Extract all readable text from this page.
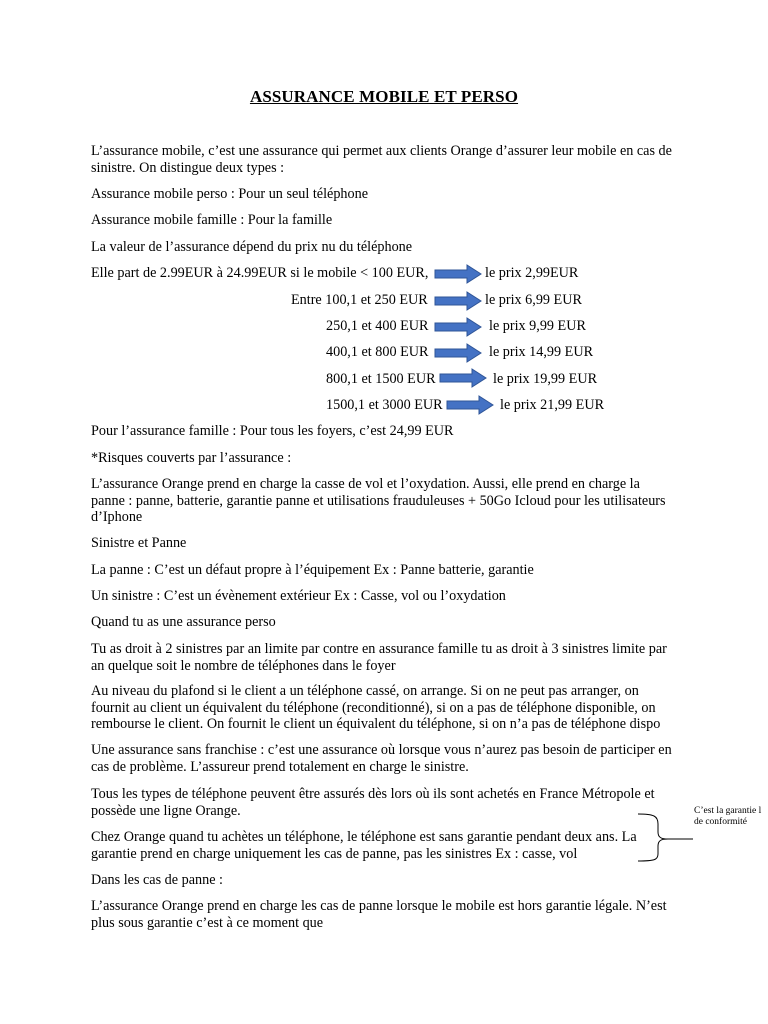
ASSURANCE MOBILE ET PERSO
L’assurance mobile, c’est une assurance qui permet aux clients Orange d’assurer leur mobile en cas de sinistre. On distingue deux types :
Assurance mobile perso : Pour un seul téléphone
Assurance mobile famille : Pour la famille
La valeur de l’assurance dépend du prix nu du téléphone
Elle part de 2.99EUR à 24.99EUR si le mobile < 100 EUR,	le prix 2,99EUR
Entre 100,1 et 250 EUR	le prix 6,99 EUR
250,1 et 400 EUR	le prix 9,99 EUR
400,1 et 800 EUR	le prix 14,99 EUR
800,1 et 1500 EUR	le prix 19,99 EUR
1500,1 et 3000 EUR	le prix 21,99 EUR
Pour l’assurance famille : Pour tous les foyers, c’est 24,99 EUR
*Risques couverts par l’assurance :
L’assurance Orange prend en charge la casse de vol et l’oxydation. Aussi, elle prend en charge la panne : panne, batterie, garantie panne et utilisations frauduleuses + 50Go Icloud pour les utilisateurs d’Iphone
Sinistre et Panne
La panne : C’est un défaut propre à l’équipement Ex : Panne batterie, garantie
Un sinistre : C’est un évènement extérieur Ex : Casse, vol ou l’oxydation
Quand tu as une assurance perso
Tu as droit à 2 sinistres par an limite par contre en assurance famille tu as droit à 3 sinistres limite par an quelque soit le nombre de téléphones dans le foyer
Au niveau du plafond si le client a un téléphone cassé, on arrange. Si on ne peut pas arranger, on fournit au client un équivalent du téléphone (reconditionné), si on a pas de téléphone disponible, on rembourse le client. On fournit le client un équivalent du téléphone, si on n’a pas de téléphone dispo
Une assurance sans franchise : c’est une assurance où lorsque vous n’aurez pas besoin de participer en cas de problème. L’assureur prend totalement en charge le sinistre.
Tous les types de téléphone peuvent être assurés dès lors où ils sont achetés en France Métropole et possède une ligne Orange.
Chez Orange quand tu achètes un téléphone, le téléphone est sans garantie pendant deux ans. La garantie prend en charge uniquement les cas de panne, pas les sinistres Ex : casse, vol
Dans les cas de panne :
L’assurance Orange prend en charge les cas de panne lorsque le mobile est hors garantie légale. N’est plus sous garantie c’est à ce moment que
C’est la garantie l
de conformité
